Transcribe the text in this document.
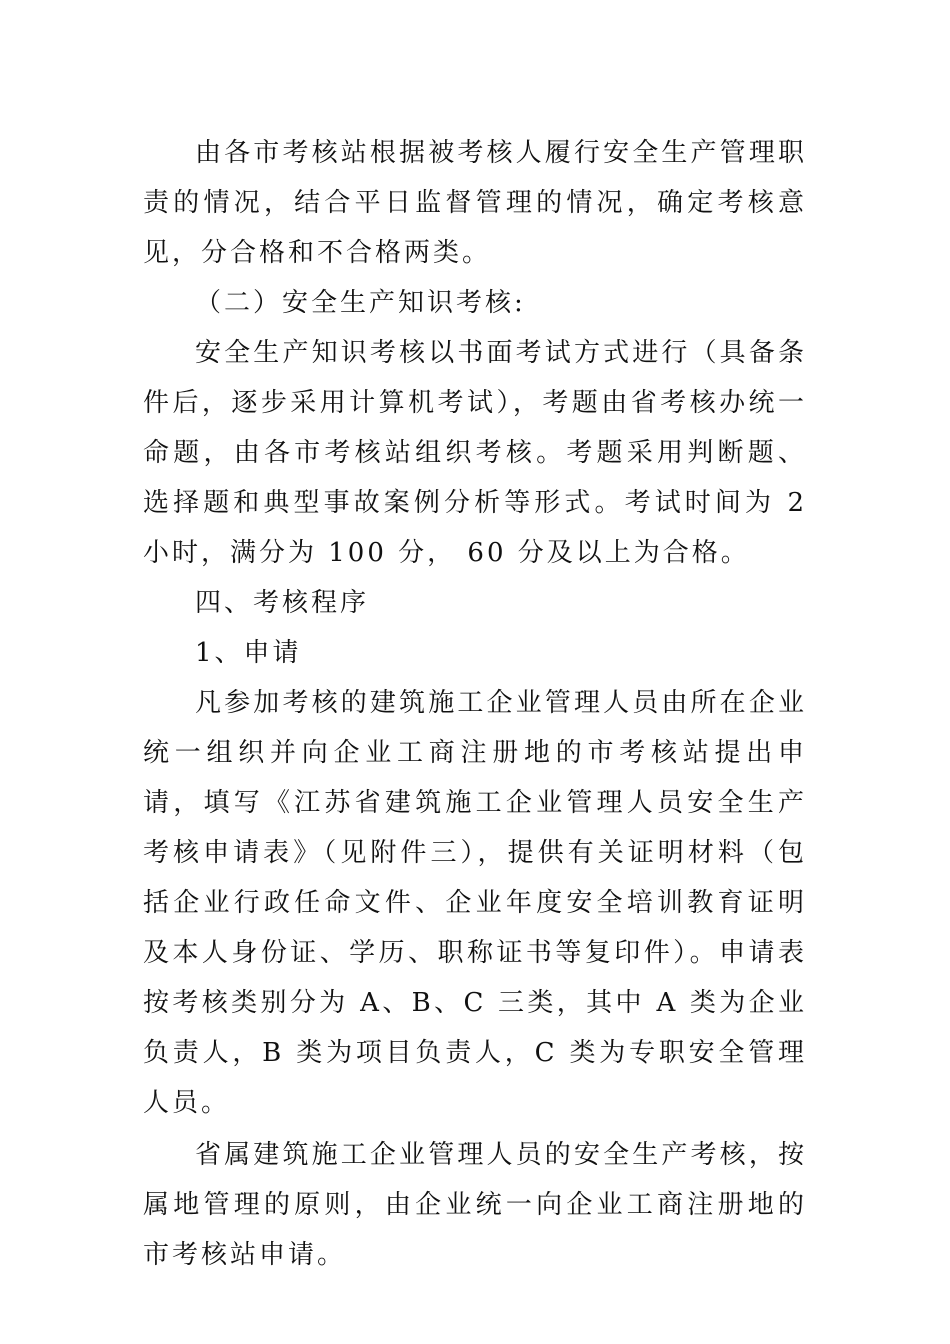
由各市考核站根据被考核人履行安全生产管理职责的情况，结合平日监督管理的情况，确定考核意见，分合格和不合格两类。

（二）安全生产知识考核:

安全生产知识考核以书面考试方式进行（具备条件后，逐步采用计算机考试），考题由省考核办统一命题，由各市考核站组织考核。考题采用判断题、选择题和典型事故案例分析等形式。考试时间为 2 小时，满分为 100 分， 60 分及以上为合格。

四、考核程序

1、申请

凡参加考核的建筑施工企业管理人员由所在企业统一组织并向企业工商注册地的市考核站提出申请，填写《江苏省建筑施工企业管理人员安全生产考核申请表》（见附件三），提供有关证明材料（包括企业行政任命文件、企业年度安全培训教育证明及本人身份证、学历、职称证书等复印件）。申请表按考核类别分为 A、B、C 三类，其中 A 类为企业负责人，B 类为项目负责人，C 类为专职安全管理人员。

省属建筑施工企业管理人员的安全生产考核，按属地管理的原则，由企业统一向企业工商注册地的市考核站申请。
